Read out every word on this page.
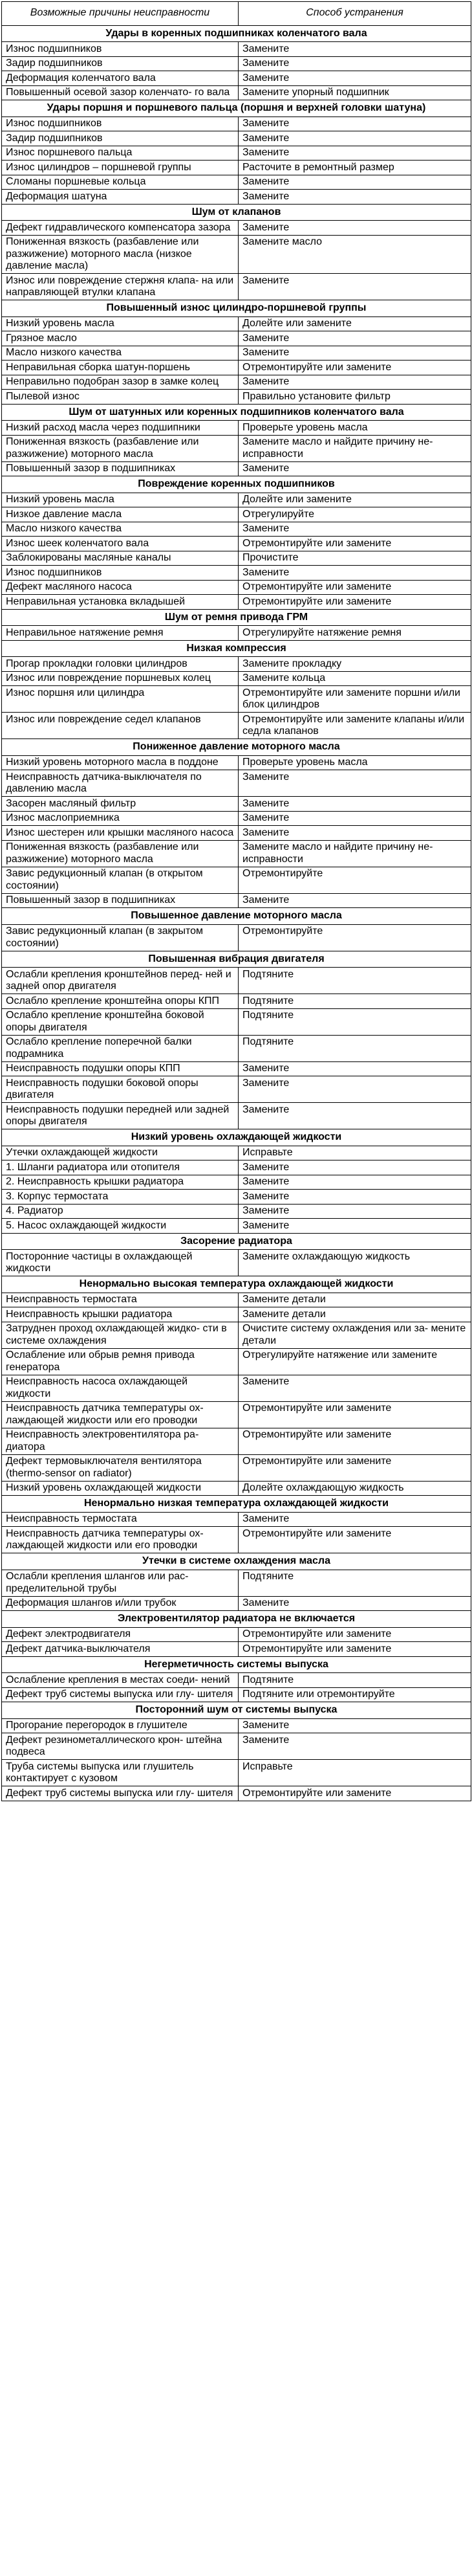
Возможные причины неисправности	Способ устранения
Удары в коренных подшипниках коленчатого вала	
Износ подшипников	Замените
Задир подшипников	Замените
Деформация коленчатого вала	Замените
Повышенный осевой зазор коленчато- го вала	Замените упорный подшипник
Удары поршня и поршневого пальца (поршня и верхней головки шатуна)	
Износ подшипников	Замените
Задир подшипников	Замените
Износ поршневого пальца	Замените
Износ цилиндров – поршневой группы	Расточите в ремонтный размер
Сломаны поршневые кольца	Замените
Деформация шатуна	Замените
Шум от клапанов	
Дефект гидравлического компенсатора зазора	Замените
Пониженная вязкость (разбавление или разжижение) моторного масла (низкое давление масла)	Замените масло
Износ или повреждение стержня клапа- на или направляющей втулки клапана	Замените
Повышенный износ цилиндро-поршневой группы	
Низкий уровень масла	Долейте или замените
Грязное масло	Замените
Масло низкого качества	Замените
Неправильная сборка шатун-поршень	Отремонтируйте или замените
Неправильно подобран зазор в замке колец	Замените
Пылевой износ	Правильно установите фильтр
Шум от шатунных или коренных подшипников коленчатого вала	
Низкий расход масла через подшипники	Проверьте уровень масла
Пониженная вязкость (разбавление или разжижение) моторного масла	Замените масло и найдите причину не- исправности
Повышенный зазор в подшипниках	Замените
Повреждение коренных подшипников	
Низкий уровень масла	Долейте или замените
Низкое давление масла	Отрегулируйте
Масло низкого качества	Замените
Износ шеек коленчатого вала	Отремонтируйте или замените
Заблокированы масляные каналы	Прочистите
Износ подшипников	Замените
Дефект масляного насоса	Отремонтируйте или замените
Неправильная установка вкладышей	Отремонтируйте или замените
Шум от ремня привода ГРМ	
Неправильное натяжение ремня	Отрегулируйте натяжение ремня
Низкая компрессия	
Прогар прокладки головки цилиндров	Замените прокладку
Износ или повреждение поршневых колец	Замените кольца
Износ поршня или цилиндра	Отремонтируйте или замените поршни и/или блок цилиндров
Износ или повреждение седел клапанов	Отремонтируйте или замените клапаны и/или седла клапанов
Пониженное давление моторного масла	
Низкий уровень моторного масла в поддоне	Проверьте уровень масла
Неисправность датчика-выключателя по давлению масла	Замените
Засорен масляный фильтр	Замените
Износ маслоприемника	Замените
Износ шестерен или крышки масляного насоса	Замените
Пониженная вязкость (разбавление или разжижение) моторного масла	Замените масло и найдите причину не- исправности
Завис редукционный клапан (в открытом состоянии)	Отремонтируйте
Повышенный зазор в подшипниках	Замените
Повышенное давление моторного масла	
Завис редукционный клапан (в закрытом состоянии)	Отремонтируйте
Повышенная вибрация двигателя	
Ослабли крепления кронштейнов перед- ней и задней опор двигателя	Подтяните
Ослабло крепление кронштейна опоры КПП	Подтяните
Ослабло крепление кронштейна боковой опоры двигателя	Подтяните
Ослабло крепление поперечной балки подрамника	Подтяните
Неисправность подушки опоры КПП	Замените
Неисправность подушки боковой опоры двигателя	Замените
Неисправность подушки передней или задней опоры двигателя	Замените
Низкий уровень охлаждающей жидкости	
Утечки охлаждающей жидкости	Исправьте
1. Шланги радиатора или отопителя	Замените
2. Неисправность крышки радиатора	Замените
3. Корпус термостата	Замените
4. Радиатор	Замените
5. Насос охлаждающей жидкости	Замените
Засорение радиатора	
Посторонние частицы в охлаждающей жидкости	Замените охлаждающую жидкость
Ненормально высокая температура охлаждающей жидкости	
Неисправность термостата	Замените детали
Неисправность крышки радиатора	Замените детали
Затруднен проход охлаждающей жидко- сти в системе охлаждения	Очистите систему охлаждения или за- мените детали
Ослабление или обрыв ремня привода генератора	Отрегулируйте натяжение или замените
Неисправность насоса охлаждающей жидкости	Замените
Неисправность датчика температуры ох- лаждающей жидкости или его проводки	Отремонтируйте или замените
Неисправность электровентилятора ра- диатора	Отремонтируйте или замените
Дефект термовыключателя вентилятора (thermo-sensor on radiator)	Отремонтируйте или замените
Низкий уровень охлаждающей жидкости	Долейте охлаждающую жидкость
Ненормально низкая температура охлаждающей жидкости	
Неисправность термостата	Замените
Неисправность датчика температуры ох- лаждающей жидкости или его проводки	Отремонтируйте или замените
Утечки в системе охлаждения масла	
Ослабли крепления шлангов или рас- пределительной трубы	Подтяните
Деформация шлангов и/или трубок	Замените
Электровентилятор радиатора не включается	
Дефект электродвигателя	Отремонтируйте или замените
Дефект датчика-выключателя	Отремонтируйте или замените
Негерметичность системы выпуска	
Ослабление крепления в местах соеди- нений	Подтяните
Дефект труб системы выпуска или глу- шителя	Подтяните или отремонтируйте
Посторонний шум от системы выпуска	
Прогорание перегородок в глушителе	Замените
Дефект резинометаллического крон- штейна подвеса	Замените
Труба системы выпуска или глушитель контактирует с кузовом	Исправьте
Дефект труб системы выпуска или глу- шителя	Отремонтируйте или замените
